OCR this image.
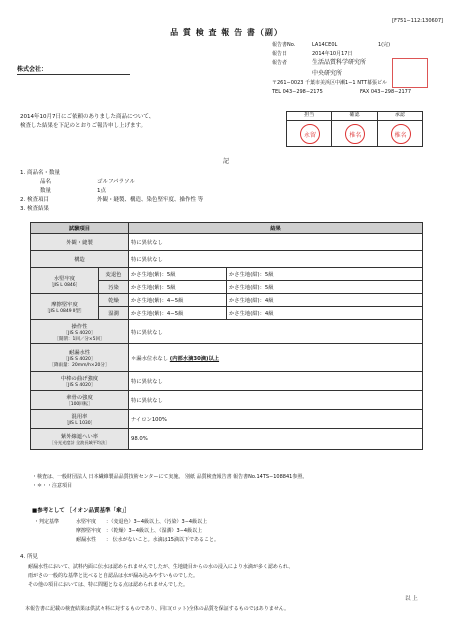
[F751−112:130607]
品 質 検 査 報 告 書（副）
株式会社：
報告書No.	LA14CE0L	1(完)
報告日	2014年10月17日
報告者	生活品質科学研究所
中央研究所
〒261−0023 千葉市美浜区中瀬1−1 NTT幕張ビル
TEL 043−298−2175	FAX 043−298−2177
担当	確認	承認
永留	椎名	椎名
2014年10月7日にご依頼のありました商品について、
検査した結果を下記のとおりご報告申し上げます。
記
1. 商品名・数量
品名	ゴルフパラソル
数量	1点
2. 検査項目	外観・縫製、構造、染色堅牢度、操作性 等
3. 検査結果
試験項目		結果	
外観・縫製		特に異状なし	
構造		特に異状なし	

水堅牢度
［JIS L 0846］	変退色	かさ生地(紫)：5級	かさ生地(紺)：5級
	汚染	かさ生地(紫)：5級	かさ生地(紺)：5級

摩擦堅牢度
［JIS L 0849 Ⅱ型］	乾燥	かさ生地(紫)：4−5級	かさ生地(紺)：4級
	湿潤	かさ生地(紫)：4−5級	かさ生地(紺)：4級

操作性
［JIS S 4020］
［開閉：1回／分×5回］		特に異状なし	

耐漏水性
［JIS S 4020］
［降雨量：20mm/h×20分］		＊漏水位水なし (内部水滴30滴)以上	

中棒の曲げ強度
［JIS S 4020］		特に異状なし	

傘骨の強度
［100回転］		特に異状なし	

混用率
［JIS L 1030］		ナイロン100%	

紫外線遮へい率
［分光光度計 全波長域平均法］		98.0%	
・検査は、一般財団法人 日本繊維製品品質技術センターにて実施。 別紙 品質検査報告書 報告書No.14TS−108841参照。
・＊・・注意項目
■参考として ［イオン品質基準「傘」］
・判定基準	水堅牢度 ：（変退色）3−4級以上、（汚染）3−4級以上
摩擦堅牢度 ：（乾燥）3−4級以上、（湿潤）3−4級以上
耐漏水性 ： 伝水がないこと。水滴は15滴以下であること。
4. 所見
耐漏水性において、試料内面に伝水は認められませんでしたが、生地縫目からの水の浸入により水滴が多く認められ、
雨がさの一般的な基準と比べると自認品は水が漏み込みやすいものでした。
その他の項目においては、特に問題となる点は認められませんでした。
以 上
本報告書に記載の検査結果は供試々料に対するものであり、同口(ロット)全体の品質を保証するものではありません。
